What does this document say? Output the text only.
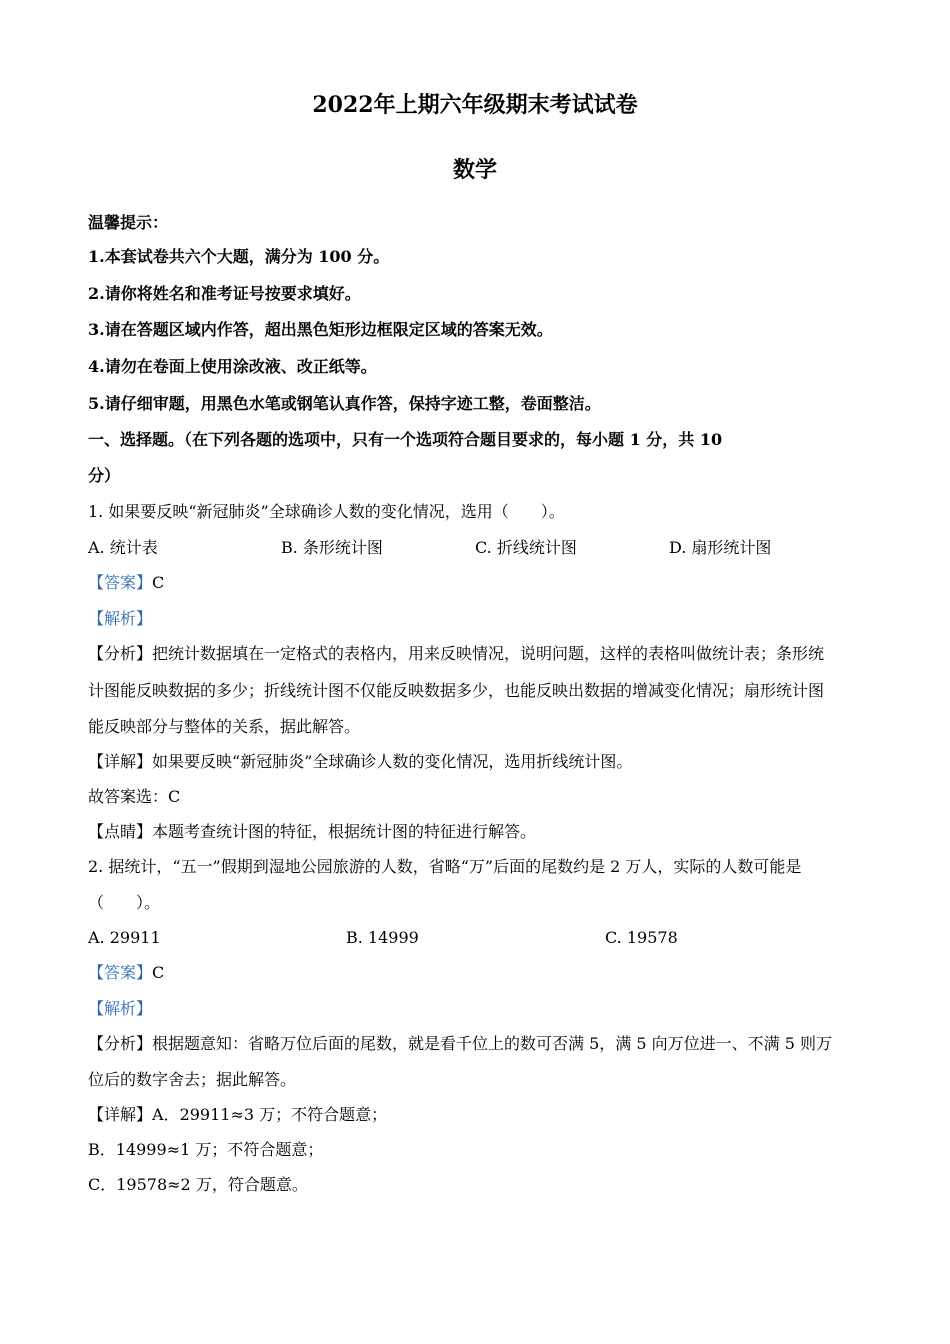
2022年上期六年级期末考试试卷
数学
温馨提示：
1.本套试卷共六个大题，满分为 100 分。
2.请你将姓名和准考证号按要求填好。
3.请在答题区域内作答，超出黑色矩形边框限定区域的答案无效。
4.请勿在卷面上使用涂改液、改正纸等。
5.请仔细审题，用黑色水笔或钢笔认真作答，保持字迹工整，卷面整洁。
一、选择题。（在下列各题的选项中，只有一个选项符合题目要求的，每小题 1 分，共 10
分）
1. 如果要反映“新冠肺炎”全球确诊人数的变化情况，选用（　　）。
A. 统计表	B. 条形统计图	C. 折线统计图	D. 扇形统计图
【答案】C
【解析】
【分析】把统计数据填在一定格式的表格内，用来反映情况，说明问题，这样的表格叫做统计表；条形统
计图能反映数据的多少；折线统计图不仅能反映数据多少，也能反映出数据的增减变化情况；扇形统计图
能反映部分与整体的关系，据此解答。
【详解】如果要反映“新冠肺炎”全球确诊人数的变化情况，选用折线统计图。
故答案选：C
【点睛】本题考查统计图的特征，根据统计图的特征进行解答。
2. 据统计，“五一”假期到湿地公园旅游的人数，省略“万”后面的尾数约是 2 万人，实际的人数可能是
（　　）。
A. 29911	B. 14999	C. 19578
【答案】C
【解析】
【分析】根据题意知：省略万位后面的尾数，就是看千位上的数可否满 5，满 5 向万位进一、不满 5 则万
位后的数字舍去；据此解答。
【详解】A．29911≈3 万；不符合题意；
B．14999≈1 万；不符合题意；
C．19578≈2 万，符合题意。
